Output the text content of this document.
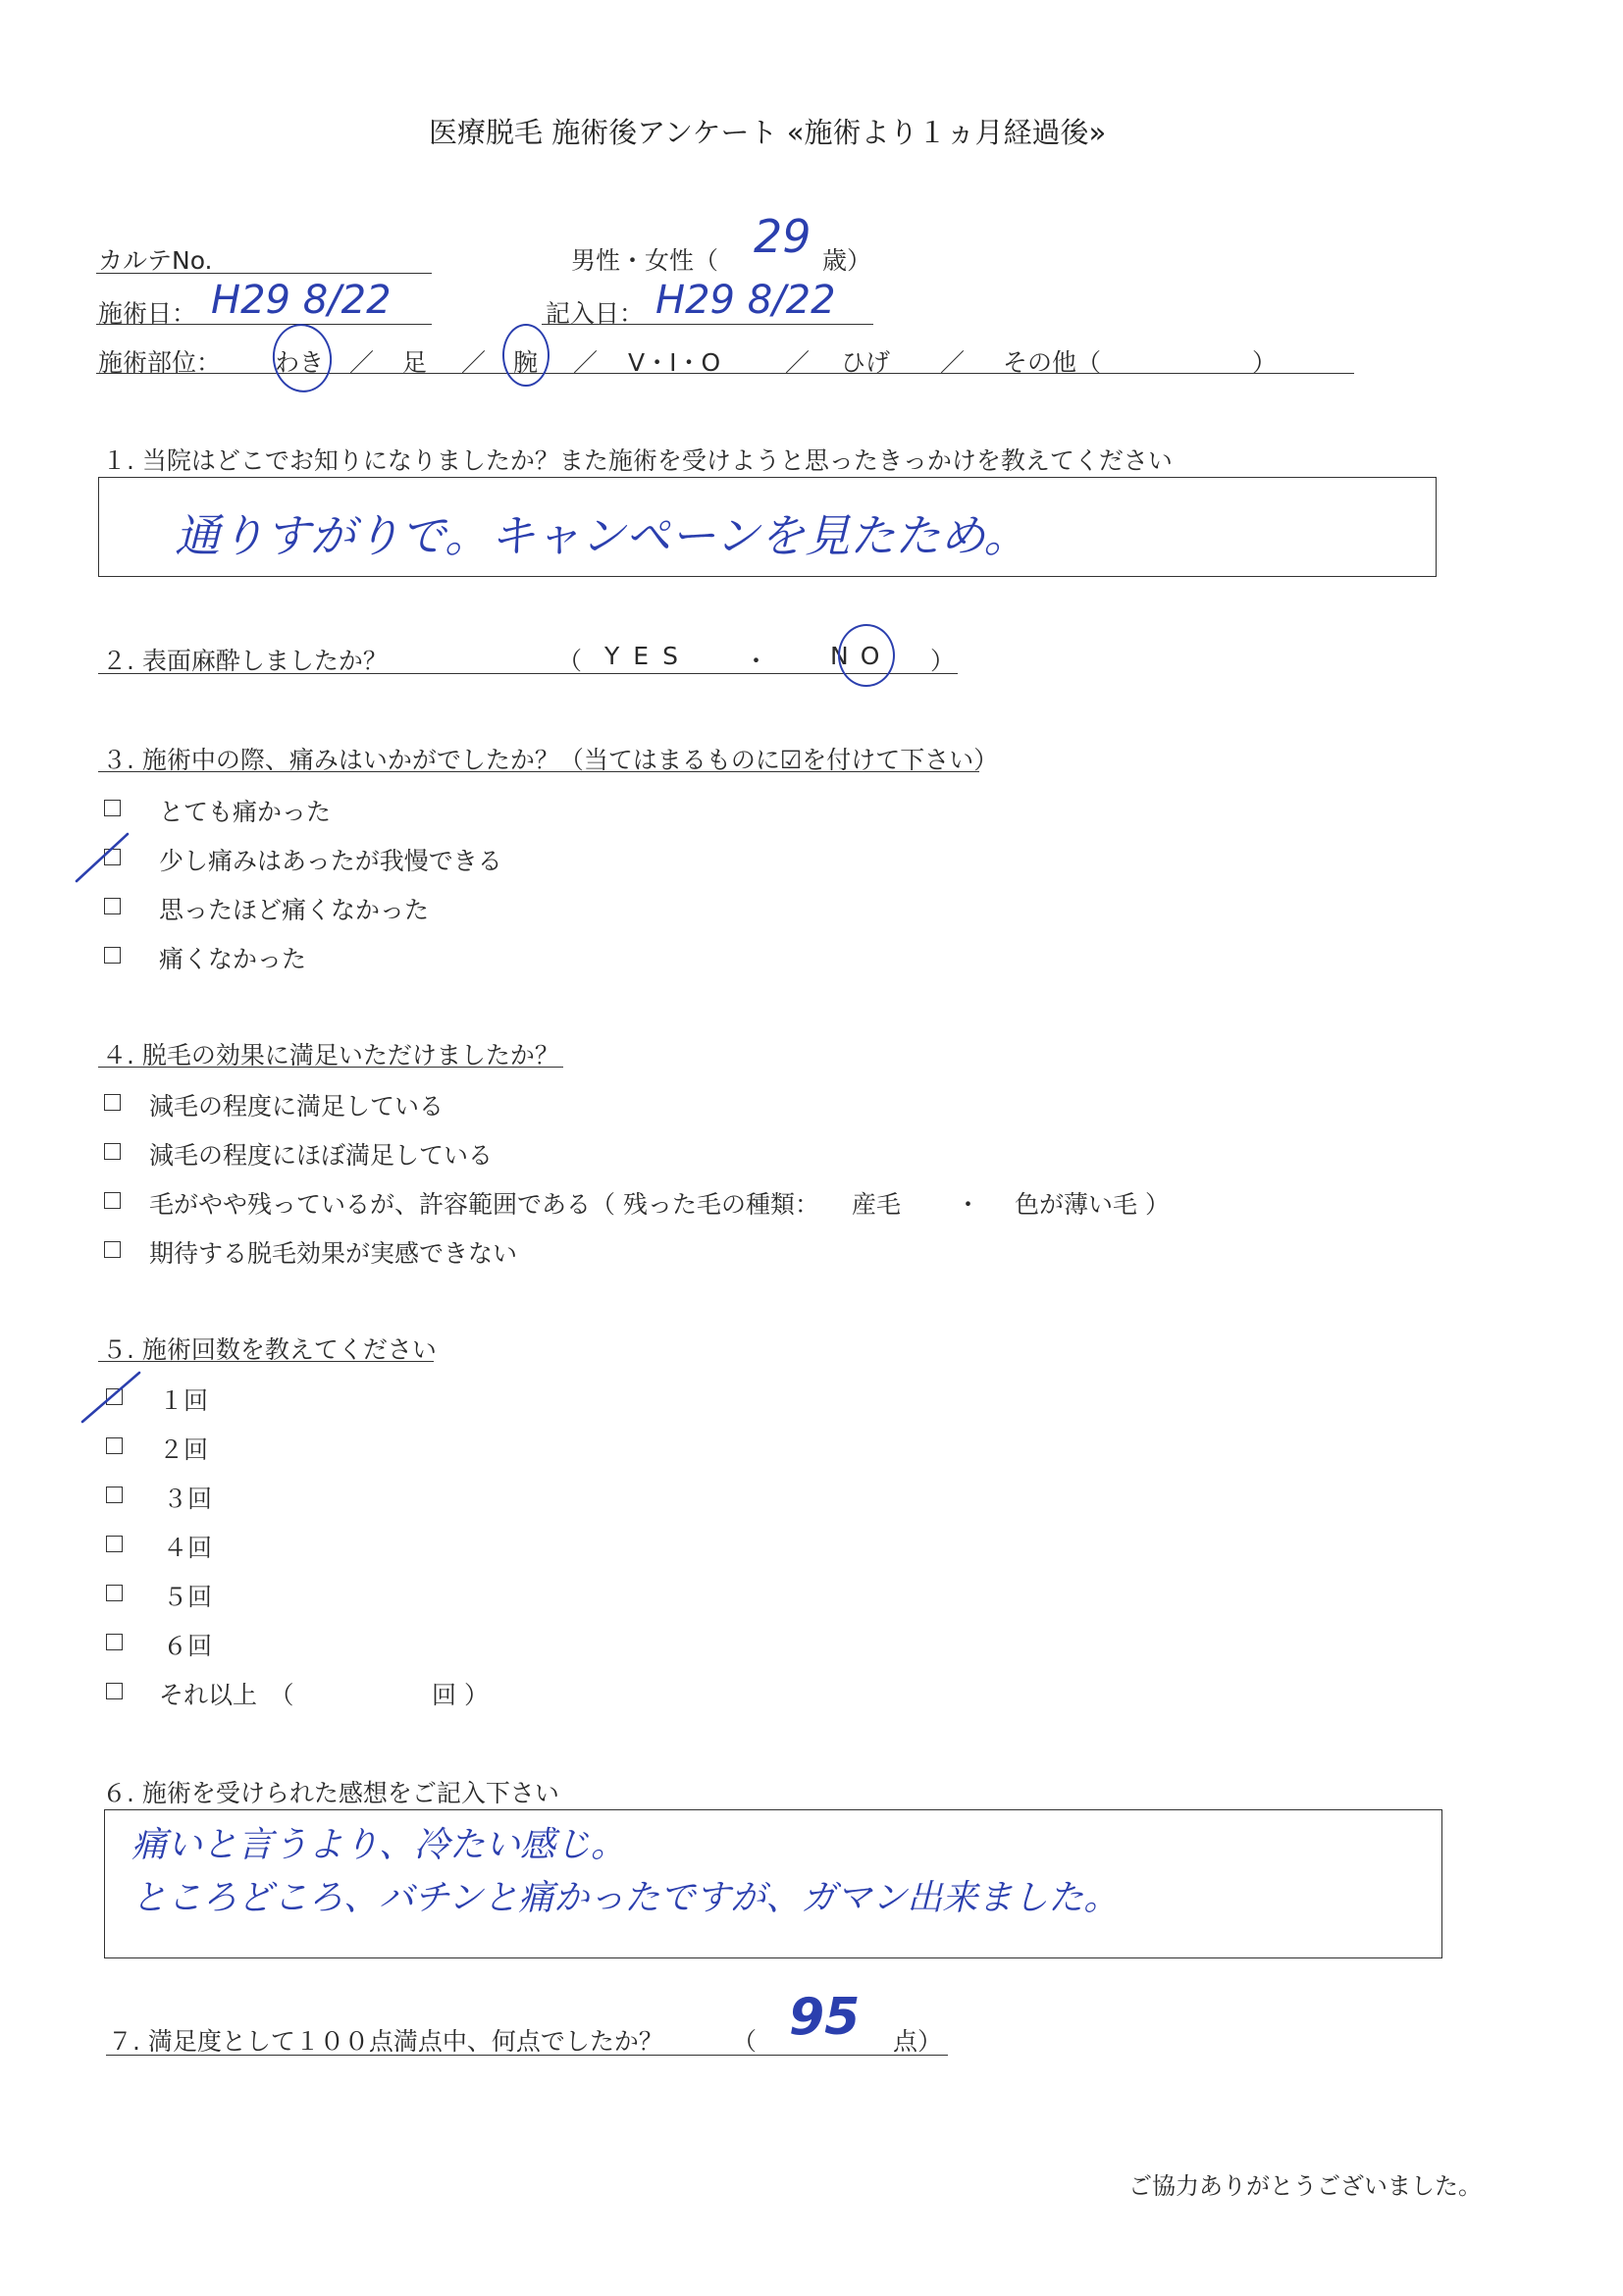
医療脱毛 施術後アンケート «施術より１ヵ月経過後»
カルテNo.	男性・女性（ 29 歳）
施術日： H29 8/22	記入日： H29 8/22
施術部位： わき ／ 足 ／ 腕 ／ V・I・O	／ ひげ ／ その他（	）
１. 当院はどこでお知りになりましたか？また施術を受けようと思ったきっかけを教えてください
通りすがりで。キャンペーンを見たため。
２. 表面麻酔しましたか？	（ YES ・	NO ）
３. 施術中の際、痛みはいかがでしたか？（当てはまるものに☑を付けて下さい）
とても痛かった
少し痛みはあったが我慢できる
思ったほど痛くなかった
痛くなかった
４. 脱毛の効果に満足いただけましたか？
減毛の程度に満足している
減毛の程度にほぼ満足している
毛がやや残っているが、許容範囲である（ 残った毛の種類： 産毛 ・ 色が薄い毛 ）
期待する脱毛効果が実感できない
５. 施術回数を教えてください
１回
２回
３回
４回
５回
６回
それ以上　（	回 ）
６. 施術を受けられた感想をご記入下さい
痛いと言うより、冷たい感じ。
ところどころ、バチンと痛かったですが、ガマン出来ました。
７. 満足度として１００点満点中、何点でしたか？	（ 95 点）
ご協力ありがとうございました。
